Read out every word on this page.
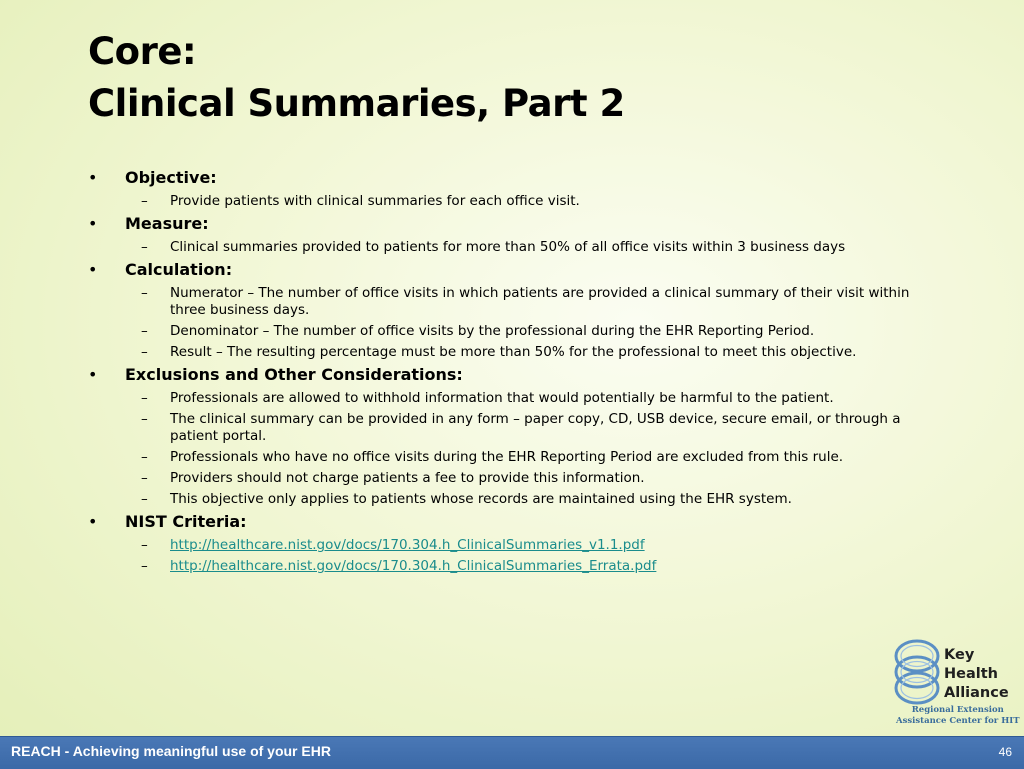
Core:
Clinical Summaries, Part 2
• Objective:
– Provide patients with clinical summaries for each office visit.
• Measure:
– Clinical summaries provided to patients for more than 50% of all office visits within 3 business days
• Calculation:
– Numerator – The number of office visits in which patients are provided a clinical summary of their visit within three business days.
– Denominator – The number of office visits by the professional during the EHR Reporting Period.
– Result – The resulting percentage must be more than 50% for the professional to meet this objective.
• Exclusions and Other Considerations:
– Professionals are allowed to withhold information that would potentially be harmful to the patient.
– The clinical summary can be provided in any form – paper copy, CD, USB device, secure email, or through a patient portal.
– Professionals who have no office visits during the EHR Reporting Period are excluded from this rule.
– Providers should not charge patients a fee to provide this information.
– This objective only applies to patients whose records are maintained using the EHR system.
• NIST Criteria:
– http://healthcare.nist.gov/docs/170.304.h_ClinicalSummaries_v1.1.pdf
– http://healthcare.nist.gov/docs/170.304.h_ClinicalSummaries_Errata.pdf
Key
Health
Alliance
Regional Extension
Assistance Center for HIT
REACH - Achieving meaningful use of your EHR	46
